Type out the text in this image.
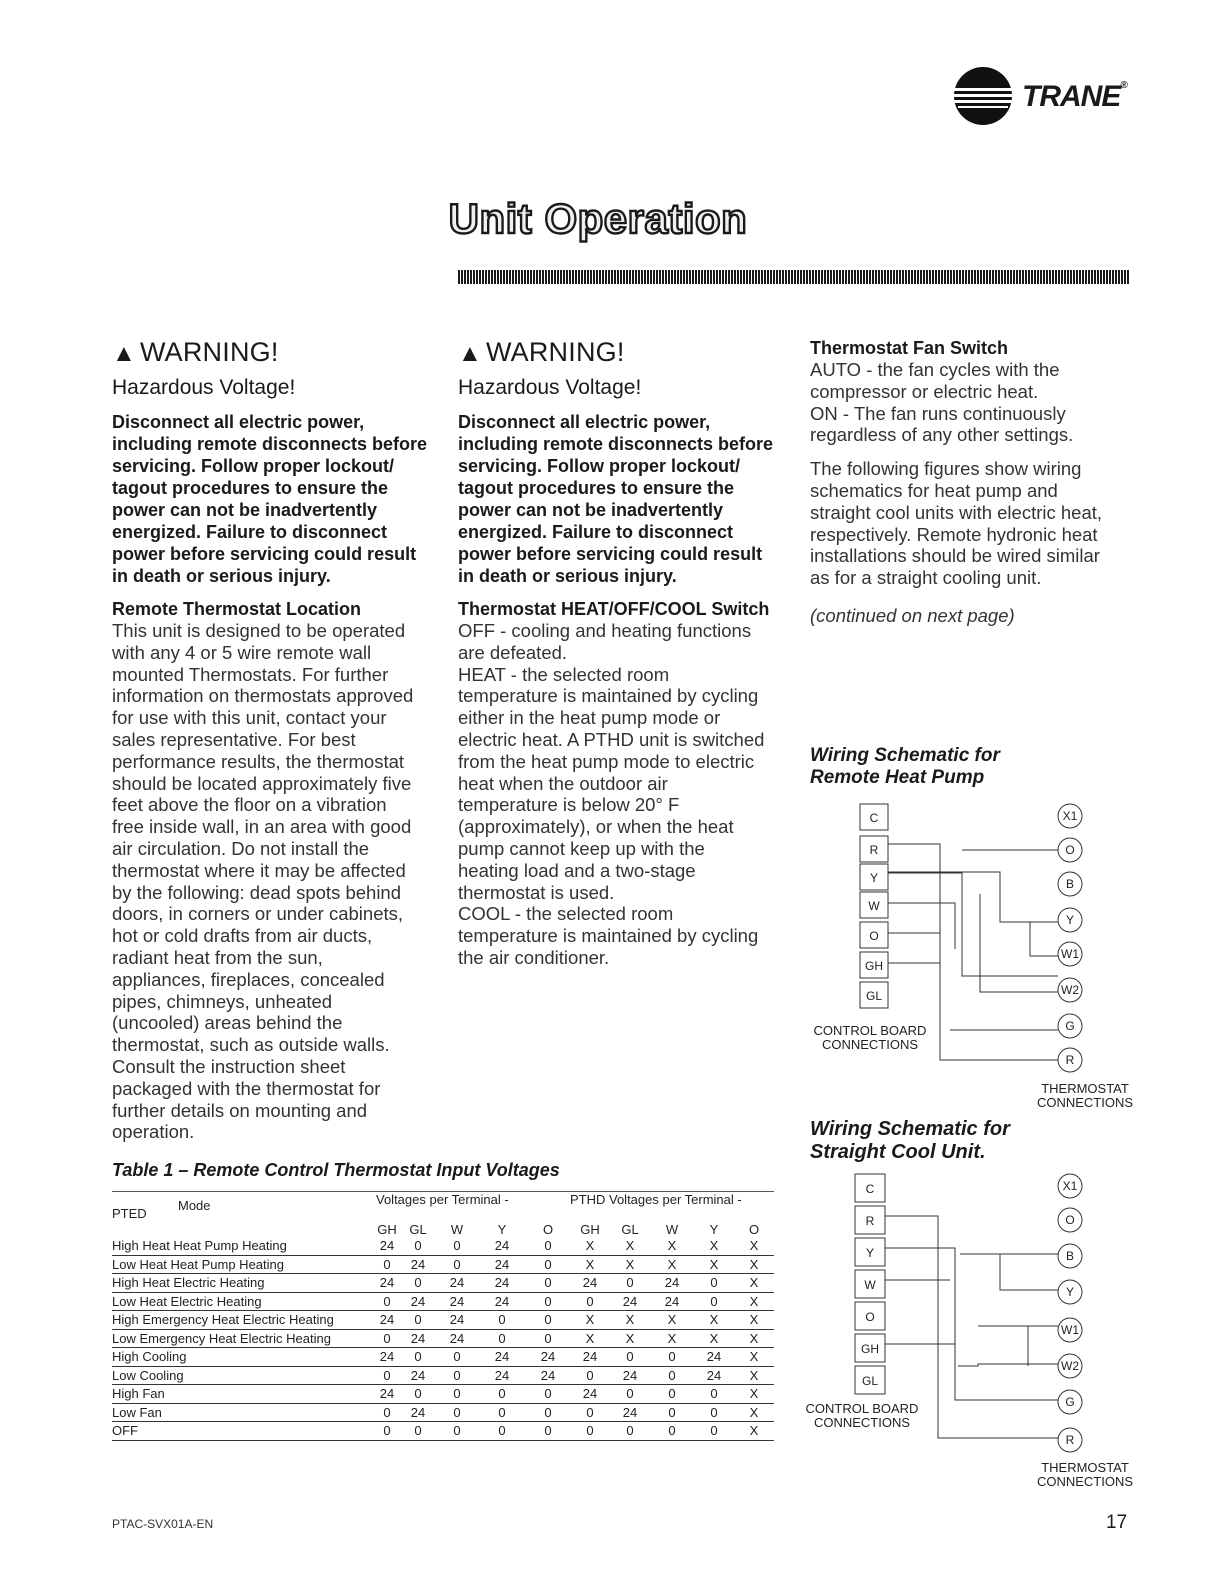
TRANE®
Unit Operation
▲ WARNING!
Hazardous Voltage!
Disconnect all electric power,
including remote disconnects before
servicing. Follow proper lockout/
tagout procedures to ensure the
power can not be inadvertently
energized. Failure to disconnect
power before servicing could result
in death or serious injury.
▲ WARNING!
Hazardous Voltage!
Disconnect all electric power,
including remote disconnects before
servicing. Follow proper lockout/
tagout procedures to ensure the
power can not be inadvertently
energized. Failure to disconnect
power before servicing could result
in death or serious injury.
Remote Thermostat Location

This unit is designed to be operated

with any 4 or 5 wire remote wall

mounted Thermostats. For further

information on thermostats approved

for use with this unit, contact your

sales representative. For best

performance results, the thermostat

should be located approximately five

feet above the floor on a vibration

free inside wall, in an area with good

air circulation. Do not install the

thermostat where it may be affected

by the following: dead spots behind

doors, in corners or under cabinets,

hot or cold drafts from air ducts,

radiant heat from the sun,

appliances, fireplaces, concealed

pipes, chimneys, unheated

(uncooled) areas behind the

thermostat, such as outside walls.

Consult the instruction sheet

packaged with the thermostat for

further details on mounting and

operation.

Thermostat HEAT/OFF/COOL Switch

OFF - cooling and heating functions

are defeated.

HEAT - the selected room

temperature is maintained by cycling

either in the heat pump mode or

electric heat. A PTHD unit is switched

from the heat pump mode to electric

heat when the outdoor air

temperature is below 20° F

(approximately), or when the heat

pump cannot keep up with the

heating load and a two-stage

thermostat is used.

COOL - the selected room

temperature is maintained by cycling

the air conditioner.

Thermostat Fan Switch

AUTO - the fan cycles with the

compressor or electric heat.

ON - The fan runs continuously

regardless of any other settings.

The following figures show wiring

schematics for heat pump and

straight cool units with electric heat,

respectively. Remote hydronic heat

installations should be wired similar

as for a straight cooling unit.

(continued on next page)
Wiring Schematic for
Remote Heat Pump
C
R
Y
W
O
GH
GL
X1
O
B
Y
W1
W2
G
R
CONTROL BOARD
CONNECTIONS
THERMOSTAT
CONNECTIONS
Wiring Schematic for
Straight Cool Unit.
C
R
Y
W
O
GH
GL
X1
O
B
Y
W1
W2
G
R
CONTROL BOARD
CONNECTIONS
THERMOSTAT
CONNECTIONS
Table 1 – Remote Control Thermostat Input Voltages
PTED
Mode	Voltages per Terminal -					PTHD Voltages per Terminal -				
	GH	GL	W	Y	O	GH	GL	W	Y	O
High Heat Heat Pump Heating	24	0	0	24	0	X	X	X	X	X
Low Heat Heat Pump Heating	0	24	0	24	0	X	X	X	X	X
High Heat Electric Heating	24	0	24	24	0	24	0	24	0	X
Low Heat Electric Heating	0	24	24	24	0	0	24	24	0	X
High Emergency Heat Electric Heating	24	0	24	0	0	X	X	X	X	X
Low Emergency Heat Electric Heating	0	24	24	0	0	X	X	X	X	X
High Cooling	24	0	0	24	24	24	0	0	24	X
Low Cooling	0	24	0	24	24	0	24	0	24	X
High Fan	24	0	0	0	0	24	0	0	0	X
Low Fan	0	24	0	0	0	0	24	0	0	X
OFF	0	0	0	0	0	0	0	0	0	X
PTAC-SVX01A-EN	17
